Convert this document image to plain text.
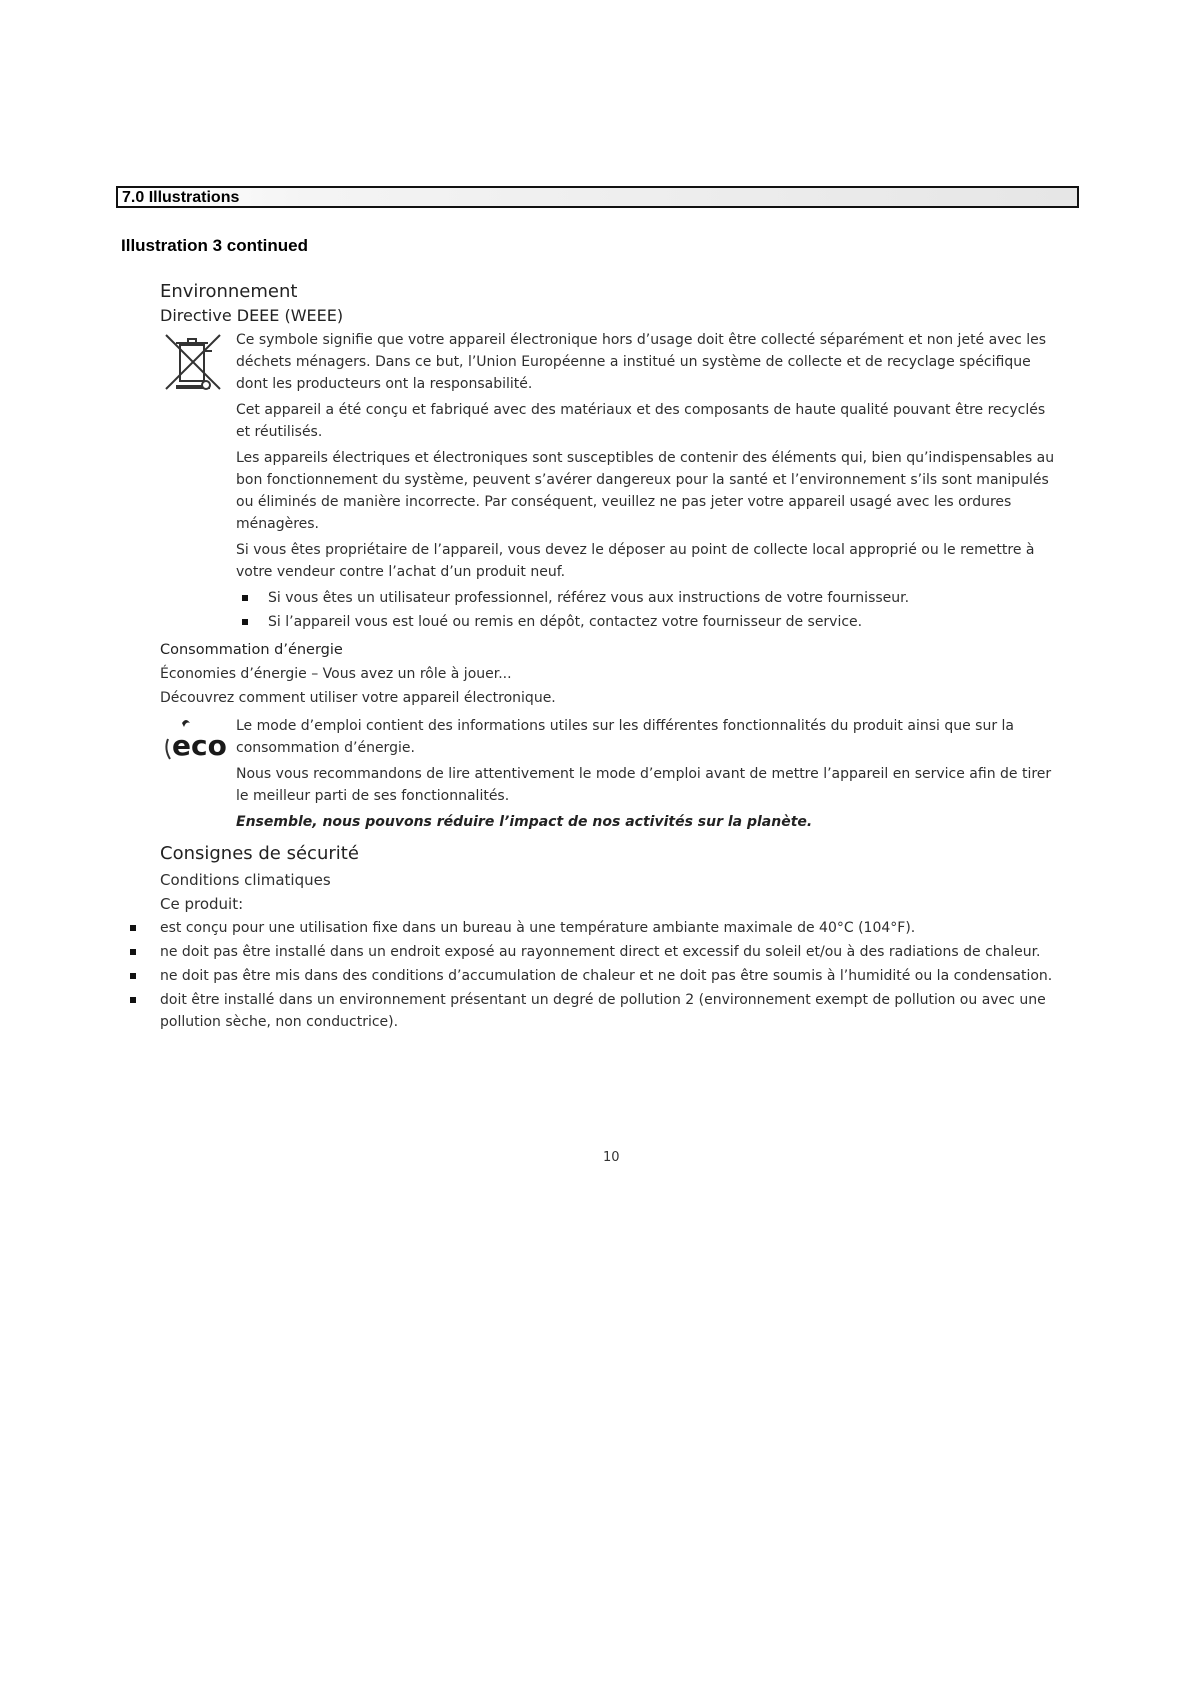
7.0 Illustrations
Illustration 3 continued
Environnement
Directive DEEE (WEEE)

Ce symbole signifie que votre appareil électronique hors d’usage doit être collecté séparément et non jeté avec les déchets ménagers. Dans ce but, l’Union Européenne a institué un système de collecte et de recyclage spécifique dont les producteurs ont la responsabilité.

Cet appareil a été conçu et fabriqué avec des matériaux et des composants de haute qualité pouvant être recyclés et réutilisés.

Les appareils électriques et électroniques sont susceptibles de contenir des éléments qui, bien qu’indispensables au bon fonctionnement du système, peuvent s’avérer dangereux pour la santé et l’environnement s’ils sont manipulés ou éliminés de manière incorrecte. Par conséquent, veuillez ne pas jeter votre appareil usagé avec les ordures ménagères.

Si vous êtes propriétaire de l’appareil, vous devez le déposer au point de collecte local approprié ou le remettre à votre vendeur contre l’achat d’un produit neuf.

Si vous êtes un utilisateur professionnel, référez vous aux instructions de votre fournisseur.
Si l’appareil vous est loué ou remis en dépôt, contactez votre fournisseur de service.
Consommation d’énergie
Économies d’énergie – Vous avez un rôle à jouer...
Découvrez comment utiliser votre appareil électronique.
eco

Le mode d’emploi contient des informations utiles sur les différentes fonctionnalités du produit ainsi que sur la consommation d’énergie.

Nous vous recommandons de lire attentivement le mode d’emploi avant de mettre l’appareil en service afin de tirer le meilleur parti de ses fonctionnalités.

Ensemble, nous pouvons réduire l’impact de nos activités sur la planète.

Consignes de sécurité
Conditions climatiques
Ce produit:
est conçu pour une utilisation fixe dans un bureau à une température ambiante maximale de 40°C (104°F).
ne doit pas être installé dans un endroit exposé au rayonnement direct et excessif du soleil et/ou à des radiations de chaleur.
ne doit pas être mis dans des conditions d’accumulation de chaleur et ne doit pas être soumis à l’humidité ou la condensation.
doit être installé dans un environnement présentant un degré de pollution 2 (environnement exempt de pollution ou avec une pollution sèche, non conductrice).
10
